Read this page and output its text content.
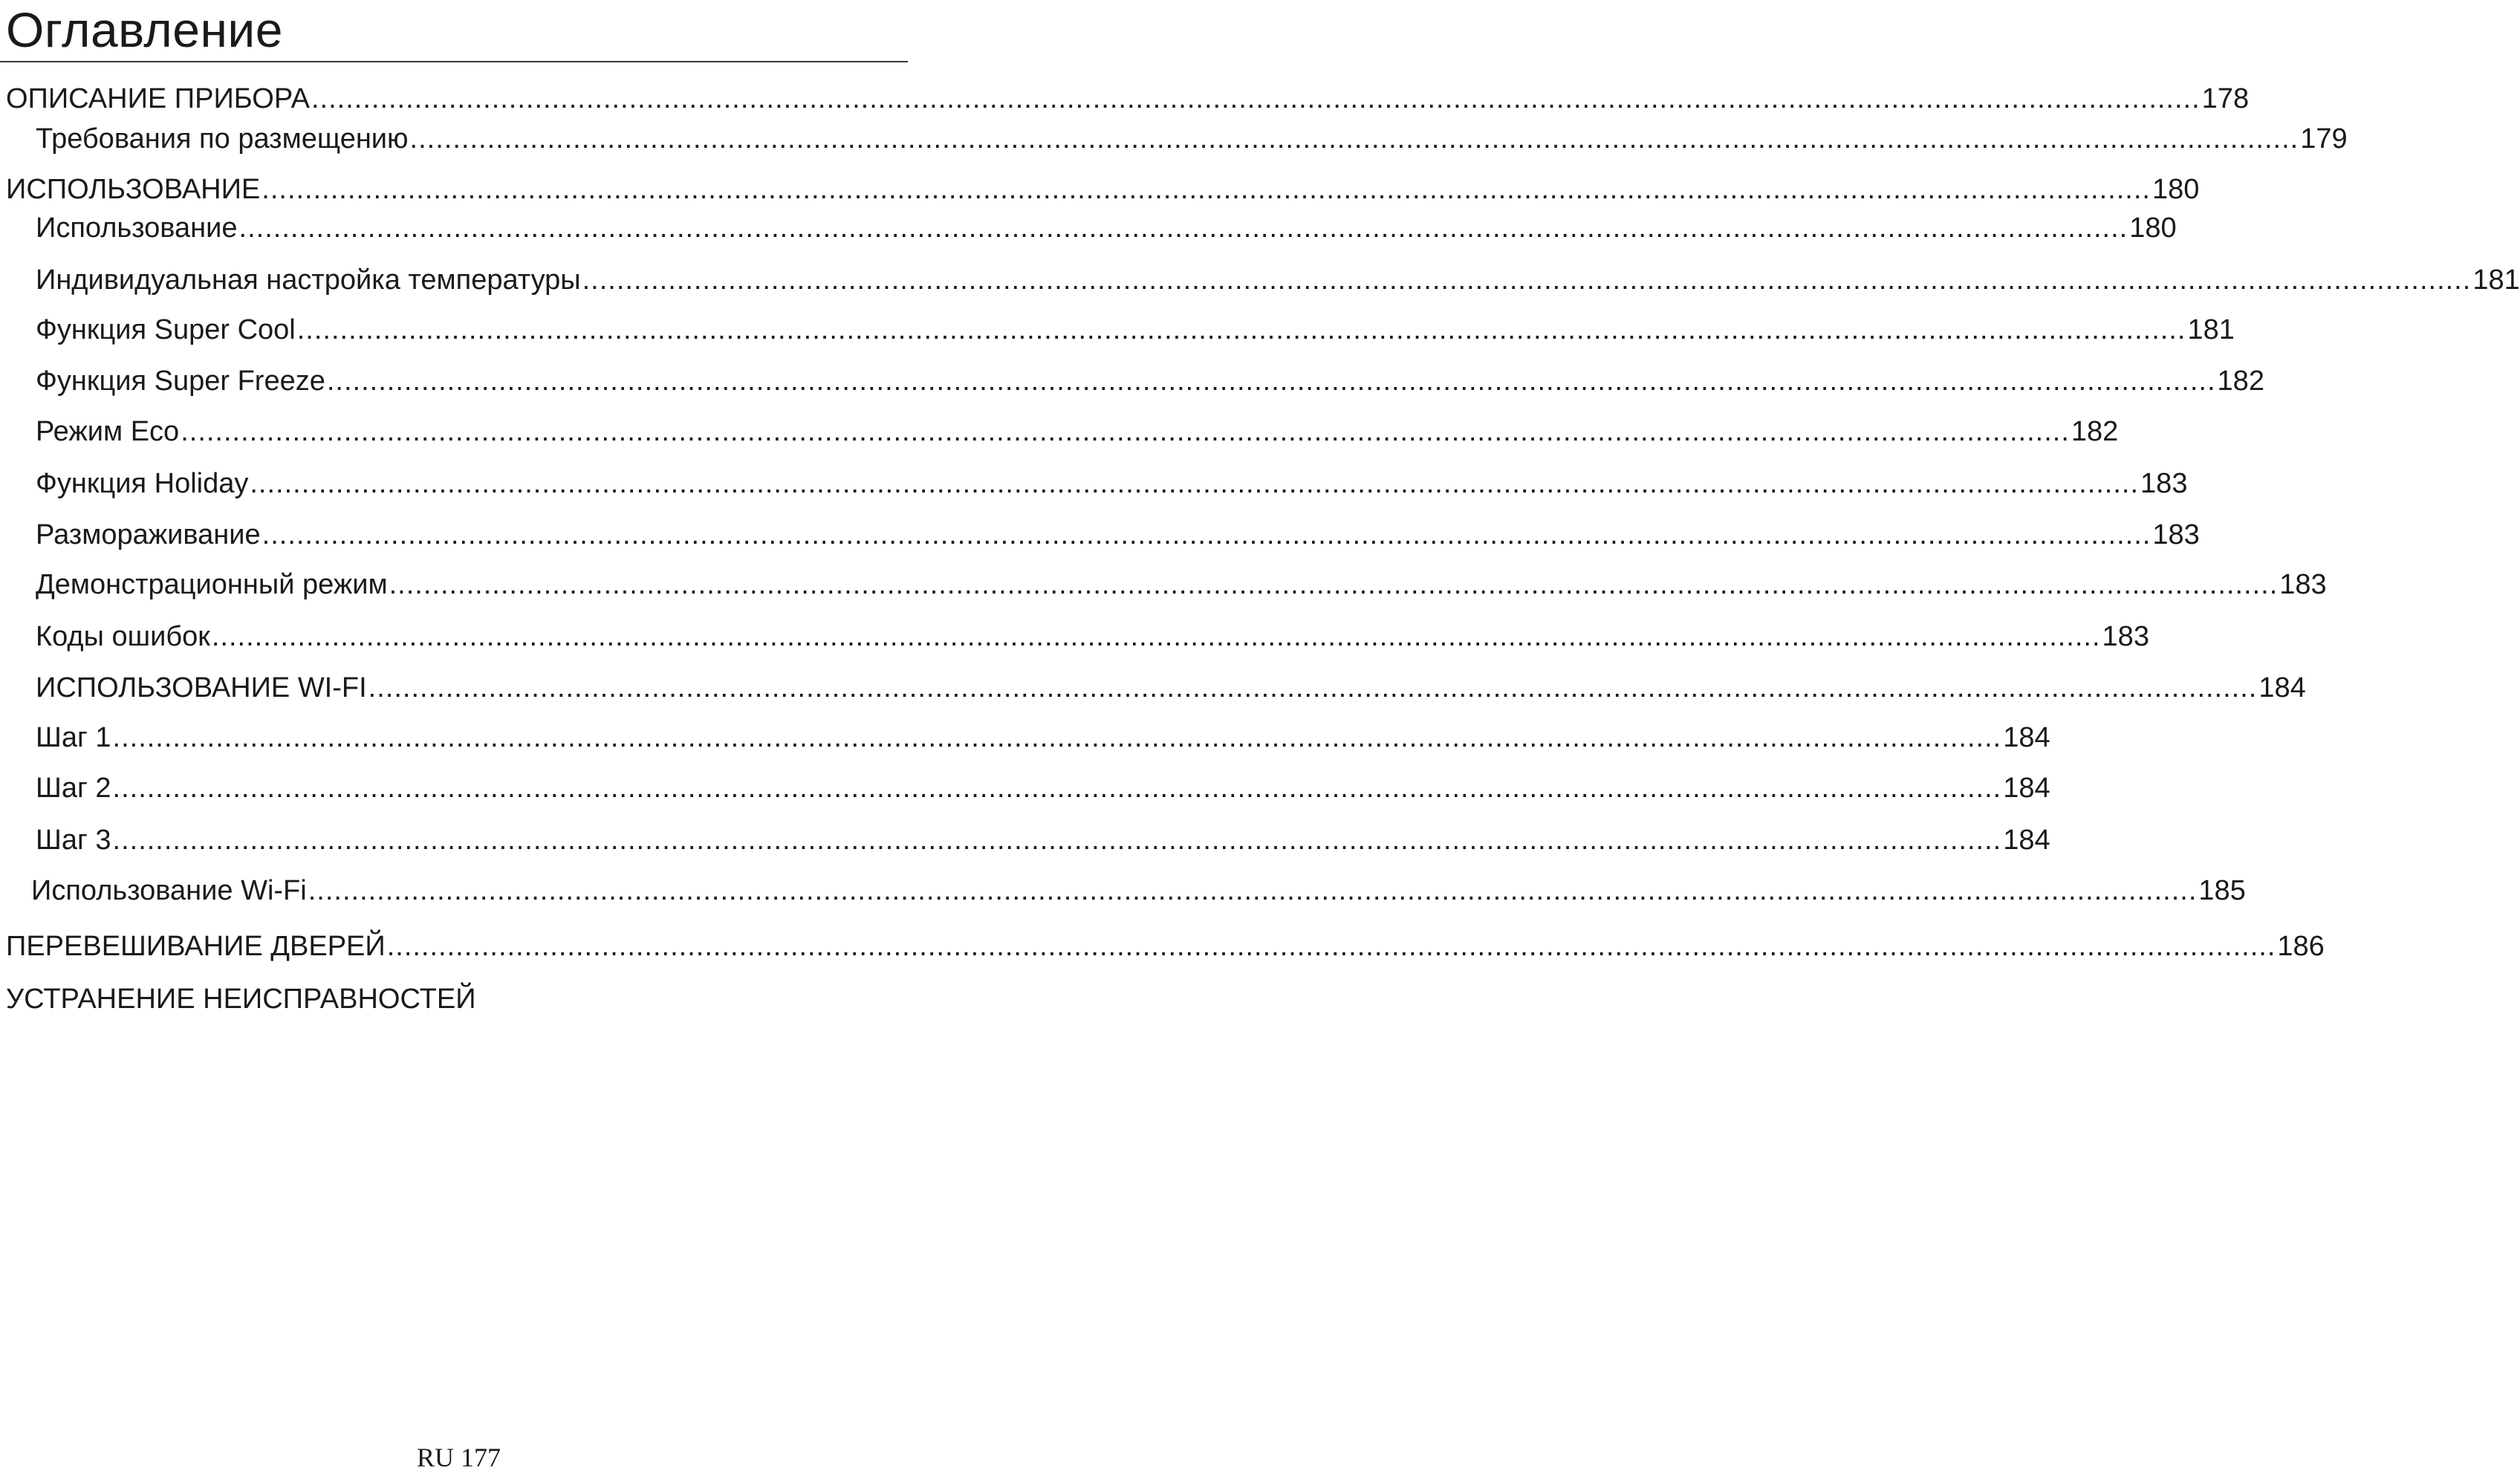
Оглавление
ОПИСАНИЕ ПРИБОРА ............................................................................................................................................................................................................................ 178
Требования по размещению ............................................................................................................................................................................................................................ 179
ИСПОЛЬЗОВАНИЕ ............................................................................................................................................................................................................................ 180
Использование ............................................................................................................................................................................................................................ 180
Индивидуальная настройка температуры ............................................................................................................................................................................................................................ 181
Функция Super Cool ............................................................................................................................................................................................................................ 181
Функция Super Freeze ............................................................................................................................................................................................................................ 182
Режим Eco ............................................................................................................................................................................................................................ 182
Функция Holiday ............................................................................................................................................................................................................................ 183
Размораживание ............................................................................................................................................................................................................................ 183
Демонстрационный режим ............................................................................................................................................................................................................................ 183
Коды ошибок ............................................................................................................................................................................................................................ 183
ИСПОЛЬЗОВАНИЕ WI-FI ............................................................................................................................................................................................................................ 184
Шаг 1 ............................................................................................................................................................................................................................ 184
Шаг 2 ............................................................................................................................................................................................................................ 184
Шаг 3 ............................................................................................................................................................................................................................ 184
Использование Wi-Fi ............................................................................................................................................................................................................................ 185
ПЕРЕВЕШИВАНИЕ ДВЕРЕЙ ............................................................................................................................................................................................................................ 186
УСТРАНЕНИЕ НЕИСПРАВНОСТЕЙ
RU 177
